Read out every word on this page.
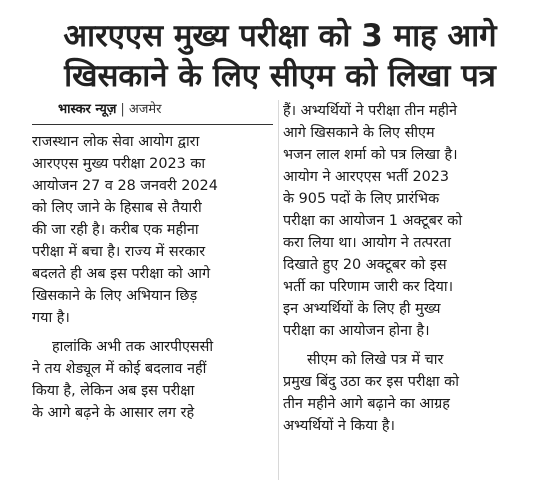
आरएएस मुख्य परीक्षा को 3 माह आगे
खिसकाने के लिए सीएम को लिखा पत्र
भास्कर न्यूज़ | अजमेर

राजस्थान लोक सेवा आयोग द्वारा
आरएएस मुख्य परीक्षा 2023 का
आयोजन 27 व 28 जनवरी 2024
को लिए जाने के हिसाब से तैयारी
की जा रही है। करीब एक महीना
परीक्षा में बचा है। राज्य में सरकार
बदलते ही अब इस परीक्षा को आगे
खिसकाने के लिए अभियान छिड़
गया है।

हालांकि अभी तक आरपीएससी
ने तय शेड्यूल में कोई बदलाव नहीं
किया है, लेकिन अब इस परीक्षा
के आगे बढ़ने के आसार लग रहे

हैं। अभ्यर्थियों ने परीक्षा तीन महीने
आगे खिसकाने के लिए सीएम
भजन लाल शर्मा को पत्र लिखा है।
आयोग ने आरएएस भर्ती 2023
के 905 पदों के लिए प्रारंभिक
परीक्षा का आयोजन 1 अक्टूबर को
करा लिया था। आयोग ने तत्परता
दिखाते हुए 20 अक्टूबर को इस
भर्ती का परिणाम जारी कर दिया।
इन अभ्यर्थियों के लिए ही मुख्य
परीक्षा का आयोजन होना है।

सीएम को लिखे पत्र में चार
प्रमुख बिंदु उठा कर इस परीक्षा को
तीन महीने आगे बढ़ाने का आग्रह
अभ्यर्थियों ने किया है।
